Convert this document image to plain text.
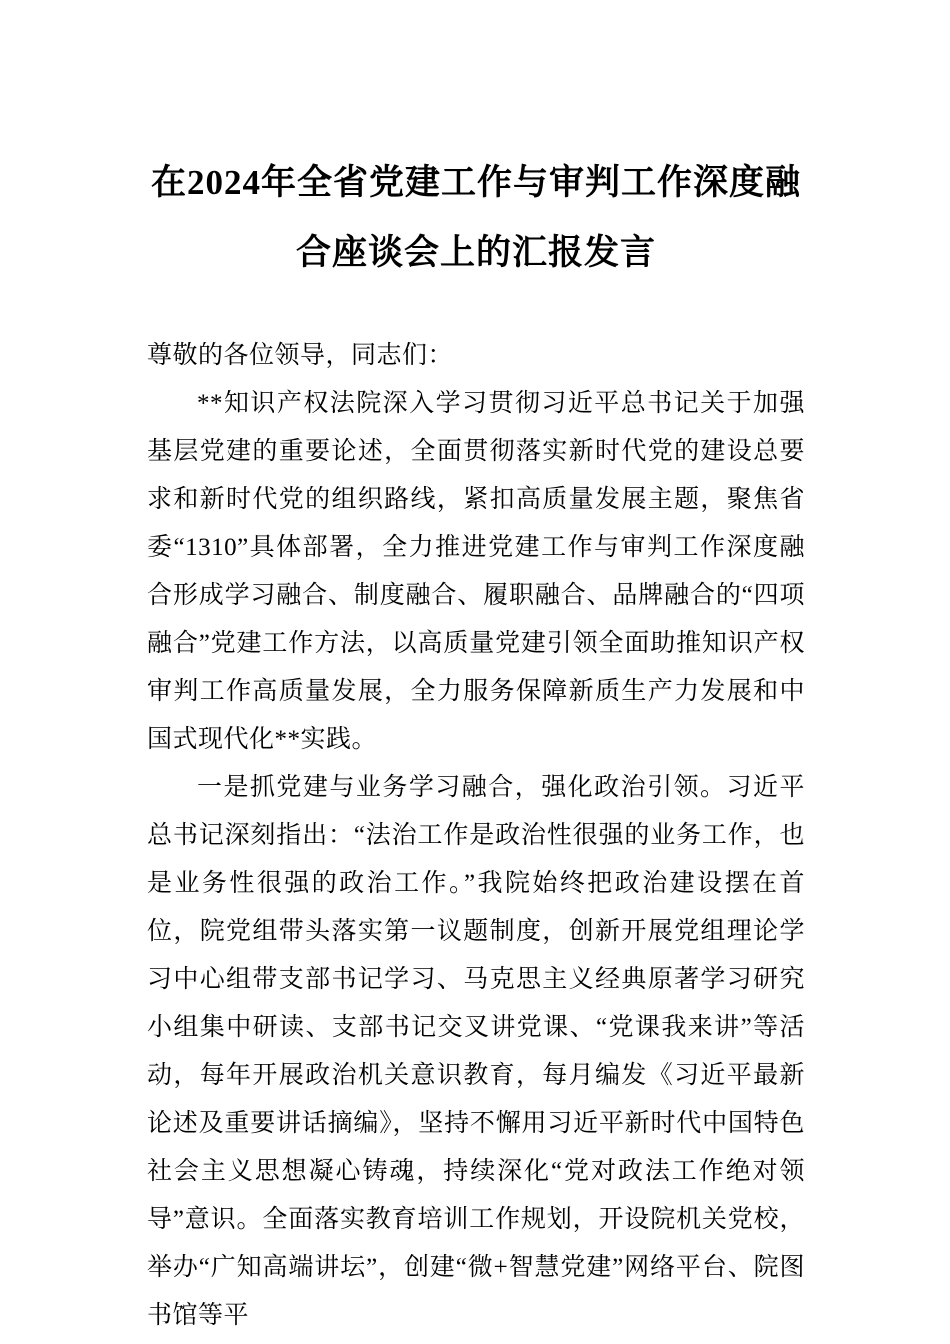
在2024年全省党建工作与审判工作深度融合座谈会上的汇报发言

尊敬的各位领导，同志们：

**知识产权法院深入学习贯彻习近平总书记关于加强基层党建的重要论述，全面贯彻落实新时代党的建设总要求和新时代党的组织路线，紧扣高质量发展主题，聚焦省委“1310”具体部署，全力推进党建工作与审判工作深度融合形成学习融合、制度融合、履职融合、品牌融合的“四项融合”党建工作方法，以高质量党建引领全面助推知识产权审判工作高质量发展，全力服务保障新质生产力发展和中国式现代化**实践。

一是抓党建与业务学习融合，强化政治引领。习近平总书记深刻指出：“法治工作是政治性很强的业务工作，也是业务性很强的政治工作。”我院始终把政治建设摆在首位，院党组带头落实第一议题制度，创新开展党组理论学习中心组带支部书记学习、马克思主义经典原著学习研究小组集中研读、支部书记交叉讲党课、“党课我来讲”等活动，每年开展政治机关意识教育，每月编发《习近平最新论述及重要讲话摘编》，坚持不懈用习近平新时代中国特色社会主义思想凝心铸魂，持续深化“党对政法工作绝对领导”意识。全面落实教育培训工作规划，开设院机关党校，举办“广知高端讲坛”，创建“微+智慧党建”网络平台、院图书馆等平
